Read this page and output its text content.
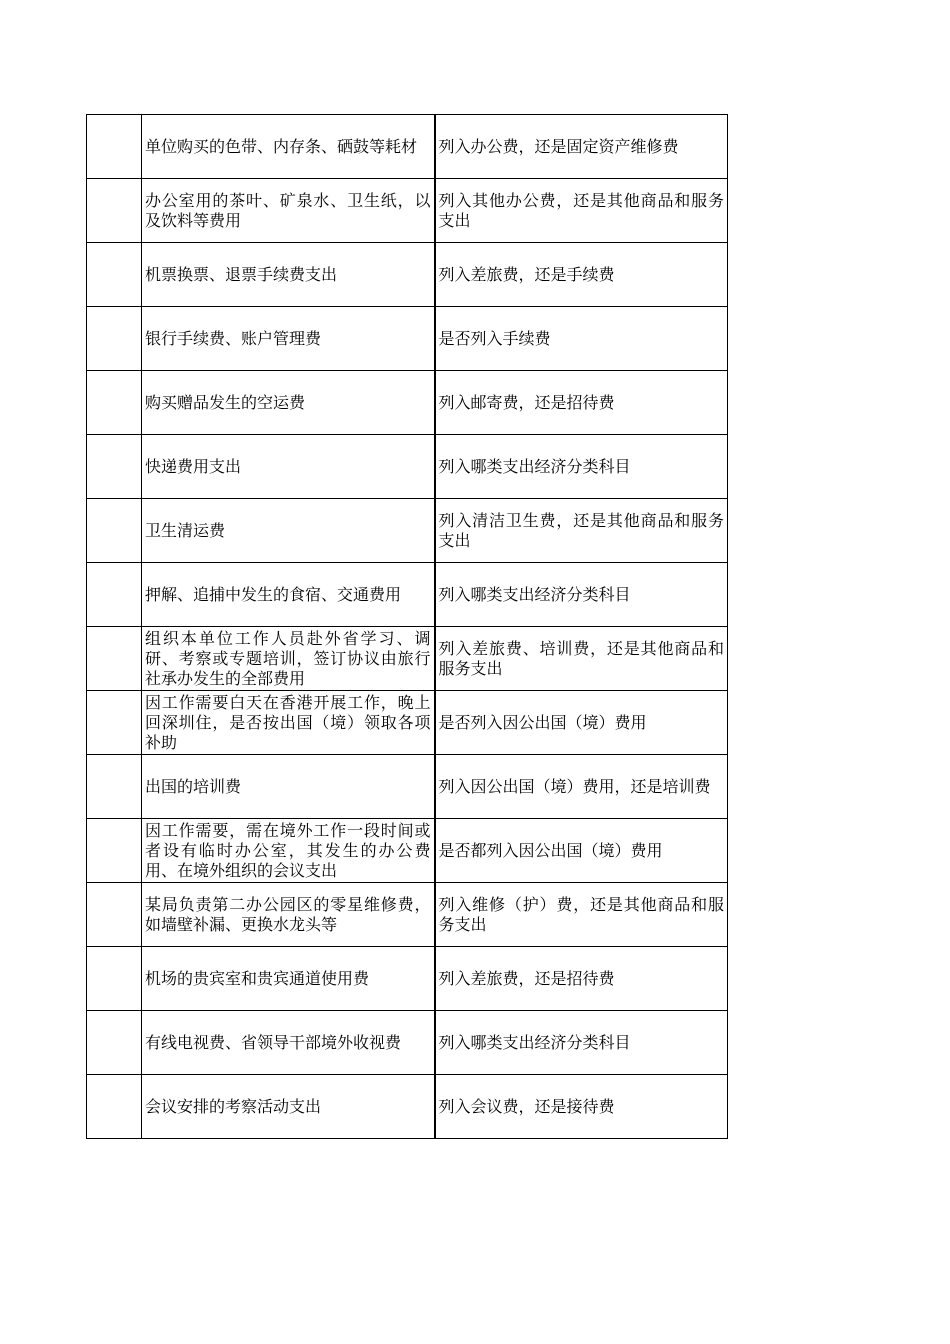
	单位购买的色带、内存条、硒鼓等耗材	列入办公费，还是固定资产维修费

	办公室用的茶叶、矿泉水、卫生纸，以及饮料等费用	列入其他办公费，还是其他商品和服务支出

	机票换票、退票手续费支出	列入差旅费，还是手续费

	银行手续费、账户管理费	是否列入手续费

	购买赠品发生的空运费	列入邮寄费，还是招待费

	快递费用支出	列入哪类支出经济分类科目

	卫生清运费	列入清洁卫生费，还是其他商品和服务支出

	押解、追捕中发生的食宿、交通费用	列入哪类支出经济分类科目

	组织本单位工作人员赴外省学习、调研、考察或专题培训，签订协议由旅行社承办发生的全部费用	列入差旅费、培训费，还是其他商品和服务支出

	因工作需要白天在香港开展工作，晚上回深圳住，是否按出国（境）领取各项补助	是否列入因公出国（境）费用

	出国的培训费	列入因公出国（境）费用，还是培训费

	因工作需要，需在境外工作一段时间或者设有临时办公室，其发生的办公费用、在境外组织的会议支出	是否都列入因公出国（境）费用

	某局负责第二办公园区的零星维修费，如墙壁补漏、更换水龙头等	列入维修（护）费，还是其他商品和服务支出

	机场的贵宾室和贵宾通道使用费	列入差旅费，还是招待费

	有线电视费、省领导干部境外收视费	列入哪类支出经济分类科目

	会议安排的考察活动支出	列入会议费，还是接待费
